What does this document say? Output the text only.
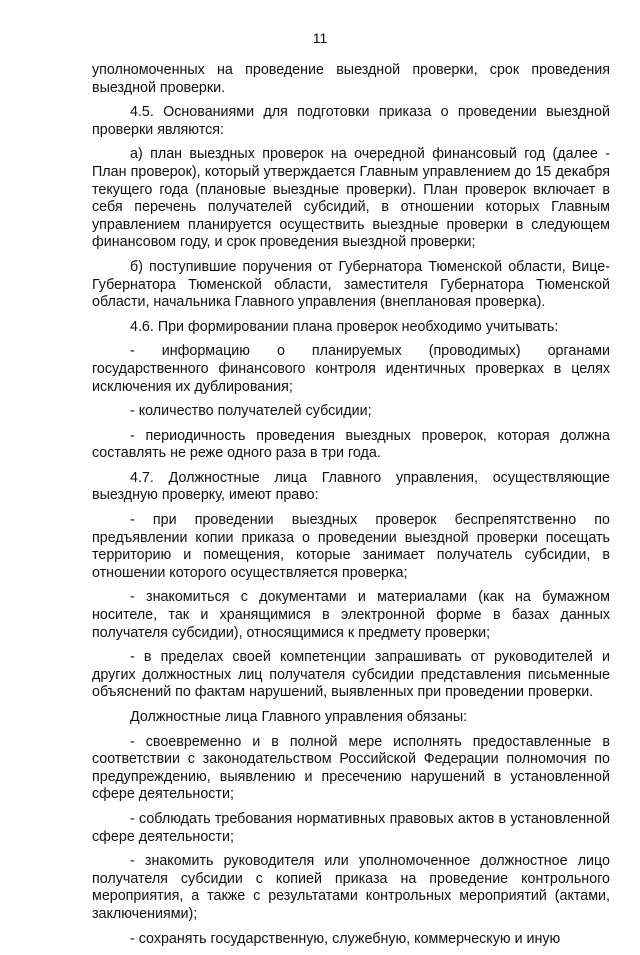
11

уполномоченных на проведение выездной проверки, срок проведения выездной проверки.

4.5. Основаниями для подготовки приказа о проведении выездной проверки являются:

а) план выездных проверок на очередной финансовый год (далее - План проверок), который утверждается Главным управлением до 15 декабря текущего года (плановые выездные проверки). План проверок включает в себя перечень получателей субсидий, в отношении которых Главным управлением планируется осуществить выездные проверки в следующем финансовом году, и срок проведения выездной проверки;

б) поступившие поручения от Губернатора Тюменской области, Вице-Губернатора Тюменской области, заместителя Губернатора Тюменской области, начальника Главного управления (внеплановая проверка).

4.6. При формировании плана проверок необходимо учитывать:

- информацию о планируемых (проводимых) органами государственного финансового контроля идентичных проверках в целях исключения их дублирования;

- количество получателей субсидии;

- периодичность проведения выездных проверок, которая должна составлять не реже одного раза в три года.

4.7. Должностные лица Главного управления, осуществляющие выездную проверку, имеют право:

- при проведении выездных проверок беспрепятственно по предъявлении копии приказа о проведении выездной проверки посещать территорию и помещения, которые занимает получатель субсидии, в отношении которого осуществляется проверка;

- знакомиться с документами и материалами (как на бумажном носителе, так и хранящимися в электронной форме в базах данных получателя субсидии), относящимися к предмету проверки;

- в пределах своей компетенции запрашивать от руководителей и других должностных лиц получателя субсидии представления письменные объяснений по фактам нарушений, выявленных при проведении проверки.

Должностные лица Главного управления обязаны:

- своевременно и в полной мере исполнять предоставленные в соответствии с законодательством Российской Федерации полномочия по предупреждению, выявлению и пресечению нарушений в установленной сфере деятельности;

- соблюдать требования нормативных правовых актов в установленной сфере деятельности;

- знакомить руководителя или уполномоченное должностное лицо получателя субсидии с копией приказа на проведение контрольного мероприятия, а также с результатами контрольных мероприятий (актами, заключениями);

- сохранять государственную, служебную, коммерческую и иную
